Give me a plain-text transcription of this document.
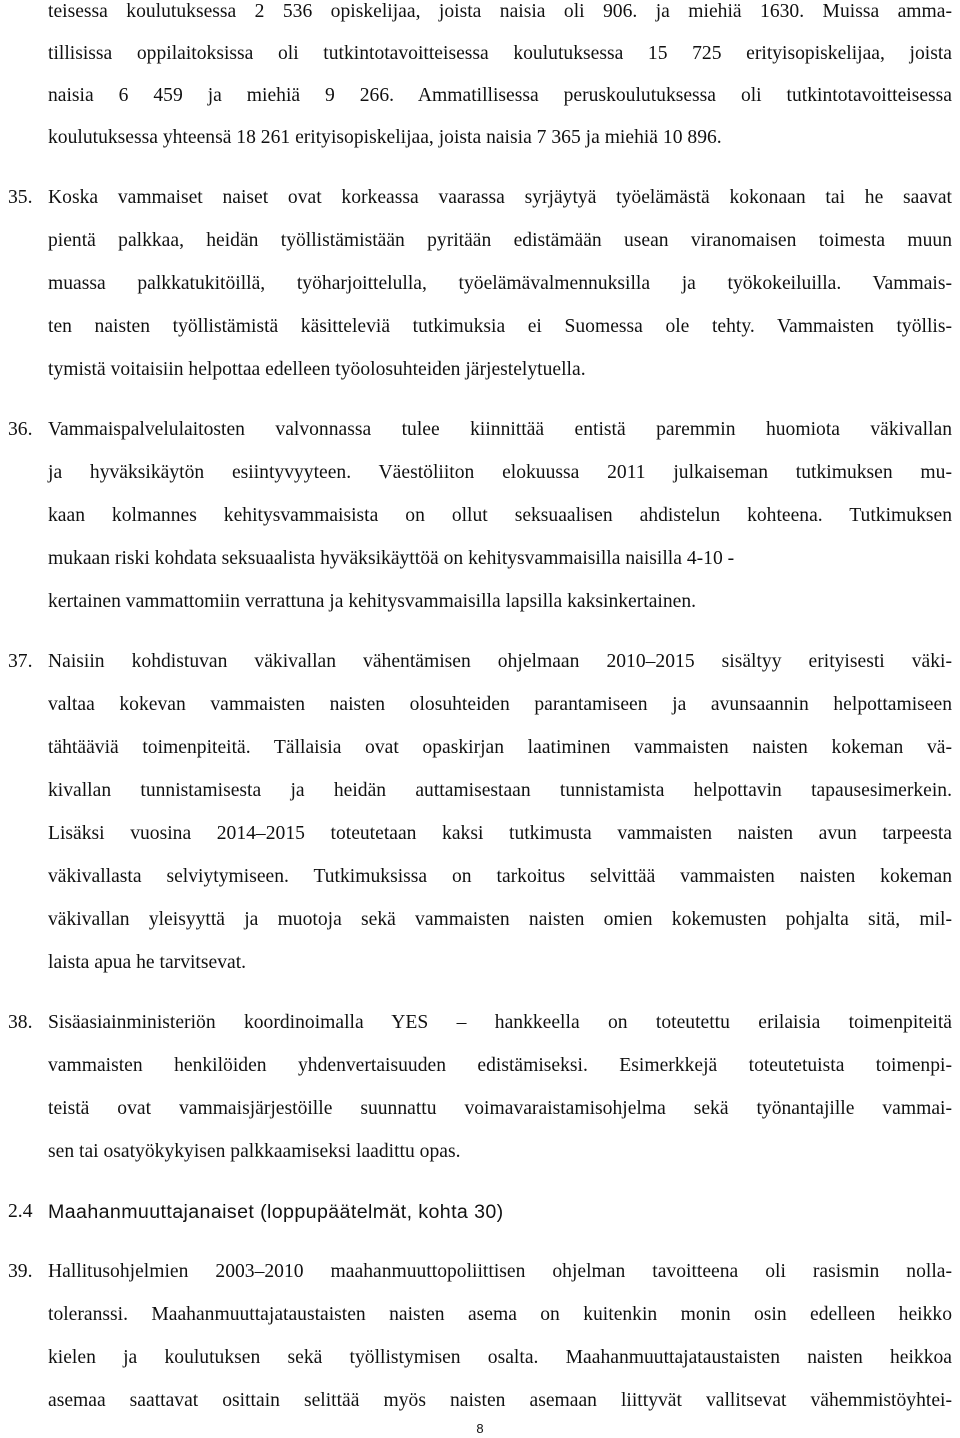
teisessa koulutuksessa 2 536 opiskelijaa, joista naisia oli 906. ja miehiä 1630. Muissa amma-
tillisissa oppilaitoksissa oli tutkintotavoitteisessa koulutuksessa 15 725 erityisopiskelijaa, joista
naisia 6 459 ja miehiä 9 266. Ammatillisessa peruskoulutuksessa oli tutkintotavoitteisessa
koulutuksessa yhteensä 18 261 erityisopiskelijaa, joista naisia 7 365 ja miehiä 10 896.
35. Koska vammaiset naiset ovat korkeassa vaarassa syrjäytyä työelämästä kokonaan tai he saavat
pientä palkkaa, heidän työllistämistään pyritään edistämään usean viranomaisen toimesta muun
muassa palkkatukitöillä, työharjoittelulla, työelämävalmennuksilla ja työkokeiluilla. Vammais-
ten naisten työllistämistä käsitteleviä tutkimuksia ei Suomessa ole tehty. Vammaisten työllis-
tymistä voitaisiin helpottaa edelleen työolosuhteiden järjestelytuella.
36. Vammaispalvelulaitosten valvonnassa tulee kiinnittää entistä paremmin huomiota väkivallan
ja hyväksikäytön esiintyvyyteen. Väestöliiton elokuussa 2011 julkaiseman tutkimuksen mu-
kaan kolmannes kehitysvammaisista on ollut seksuaalisen ahdistelun kohteena. Tutkimuksen
mukaan riski kohdata seksuaalista hyväksikäyttöä on kehitysvammaisilla naisilla 4-10 -
kertainen vammattomiin verrattuna ja kehitysvammaisilla lapsilla kaksinkertainen.
37. Naisiin kohdistuvan väkivallan vähentämisen ohjelmaan 2010–2015 sisältyy erityisesti väki-
valtaa kokevan vammaisten naisten olosuhteiden parantamiseen ja avunsaannin helpottamiseen
tähtääviä toimenpiteitä. Tällaisia ovat opaskirjan laatiminen vammaisten naisten kokeman vä-
kivallan tunnistamisesta ja heidän auttamisestaan tunnistamista helpottavin tapausesimerkein.
Lisäksi vuosina 2014–2015 toteutetaan kaksi tutkimusta vammaisten naisten avun tarpeesta
väkivallasta selviytymiseen. Tutkimuksissa on tarkoitus selvittää vammaisten naisten kokeman
väkivallan yleisyyttä ja muotoja sekä vammaisten naisten omien kokemusten pohjalta sitä, mil-
laista apua he tarvitsevat.
38. Sisäasiainministeriön koordinoimalla YES – hankkeella on toteutettu erilaisia toimenpiteitä
vammaisten henkilöiden yhdenvertaisuuden edistämiseksi. Esimerkkejä toteutetuista toimenpi-
teistä ovat vammaisjärjestöille suunnattu voimavaraistamisohjelma sekä työnantajille vammai-
sen tai osatyökykyisen palkkaamiseksi laadittu opas.
2.4 Maahanmuuttajanaiset (loppupäätelmät, kohta 30)
39. Hallitusohjelmien 2003–2010 maahanmuuttopoliittisen ohjelman tavoitteena oli rasismin nolla-
toleranssi. Maahanmuuttajataustaisten naisten asema on kuitenkin monin osin edelleen heikko
kielen ja koulutuksen sekä työllistymisen osalta. Maahanmuuttajataustaisten naisten heikkoa
asemaa saattavat osittain selittää myös naisten asemaan liittyvät vallitsevat vähemmistöyhtei-
8
